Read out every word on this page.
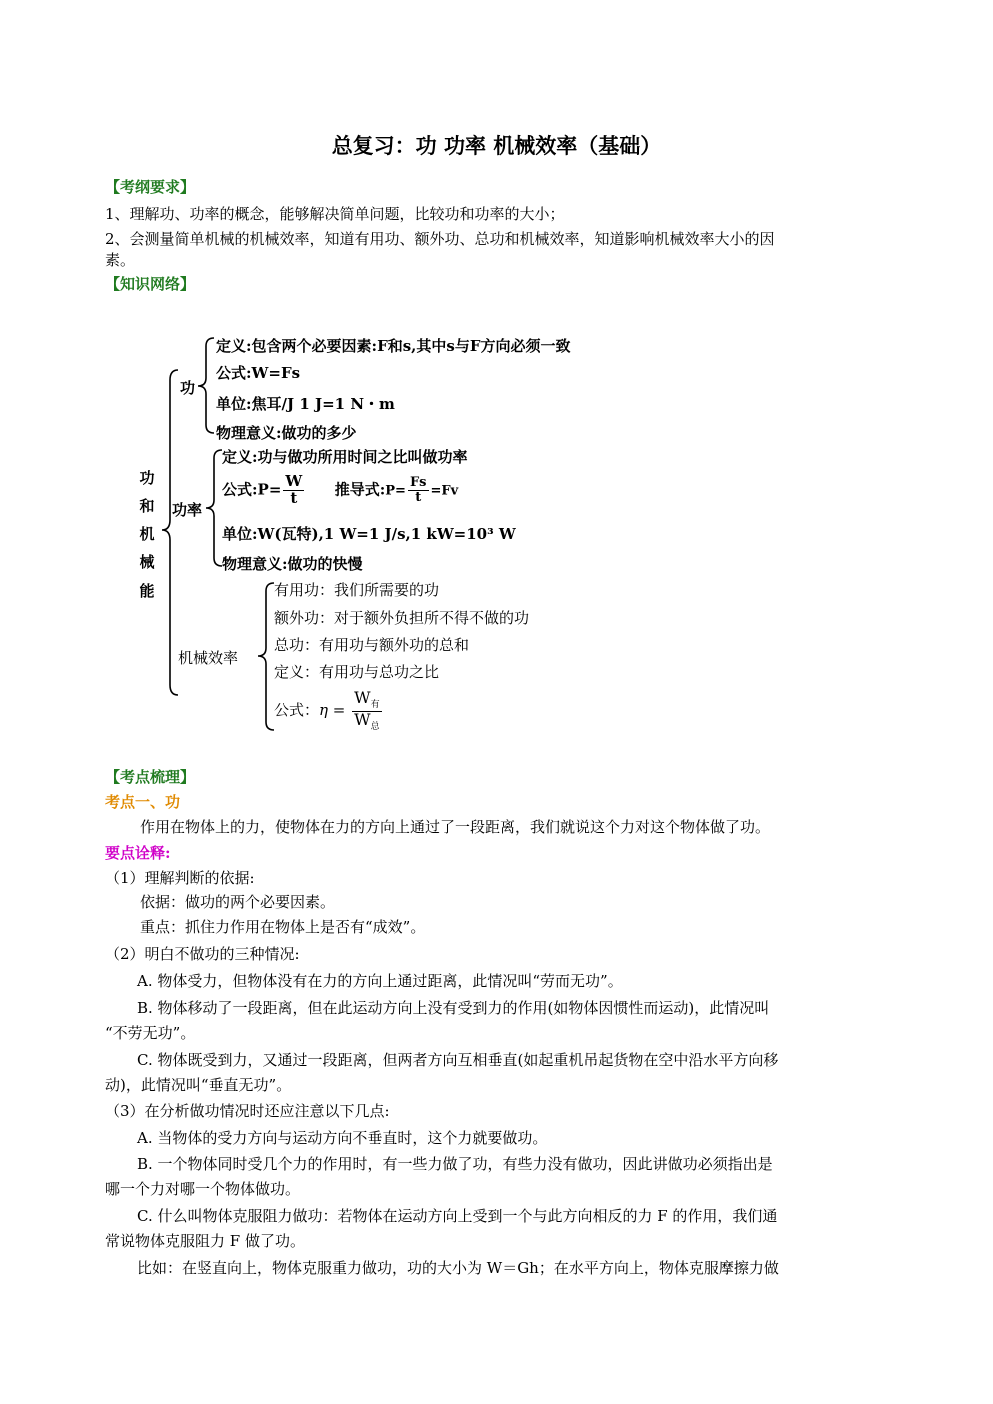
总复习：功 功率 机械效率（基础）
【考纲要求】
1、理解功、功率的概念，能够解决简单问题，比较功和功率的大小；
2、会测量简单机械的机械效率，知道有用功、额外功、总功和机械效率，知道影响机械效率大小的因
素。
【知识网络】
功
和
机
械
能
功
定义:包含两个必要因素:F和s,其中s与F方向必须一致
公式:W=Fs
单位:焦耳/J 1 J=1 N・m
物理意义:做功的多少
功率
定义:功与做功所用时间之比叫做功率
公式:P= $\frac{W}{t}$ 推导式:P= $\frac{Fs}{t} =Fv$
单位:W(瓦特),1 W=1 J/s,1 kW=10³ W
物理意义:做功的快慢
机械效率
有用功：我们所需要的功
额外功：对于额外负担所不得不做的功
总功：有用功与额外功的总和
定义：有用功与总功之比
公式：$\eta = \frac{W_有}{W_总}$
【考点梳理】
考点一、功
作用在物体上的力，使物体在力的方向上通过了一段距离，我们就说这个力对这个物体做了功。
要点诠释:
（1）理解判断的依据:
依据：做功的两个必要因素。
重点：抓住力作用在物体上是否有“成效”。
（2）明白不做功的三种情况:
A. 物体受力，但物体没有在力的方向上通过距离，此情况叫“劳而无功”。
B. 物体移动了一段距离，但在此运动方向上没有受到力的作用(如物体因惯性而运动)，此情况叫
“不劳无功”。
C. 物体既受到力，又通过一段距离，但两者方向互相垂直(如起重机吊起货物在空中沿水平方向移
动)，此情况叫“垂直无功”。
（3）在分析做功情况时还应注意以下几点:
A. 当物体的受力方向与运动方向不垂直时，这个力就要做功。
B. 一个物体同时受几个力的作用时，有一些力做了功，有些力没有做功，因此讲做功必须指出是
哪一个力对哪一个物体做功。
C. 什么叫物体克服阻力做功：若物体在运动方向上受到一个与此方向相反的力 F 的作用，我们通
常说物体克服阻力 F 做了功。
比如：在竖直向上，物体克服重力做功，功的大小为 W＝Gh；在水平方向上，物体克服摩擦力做
